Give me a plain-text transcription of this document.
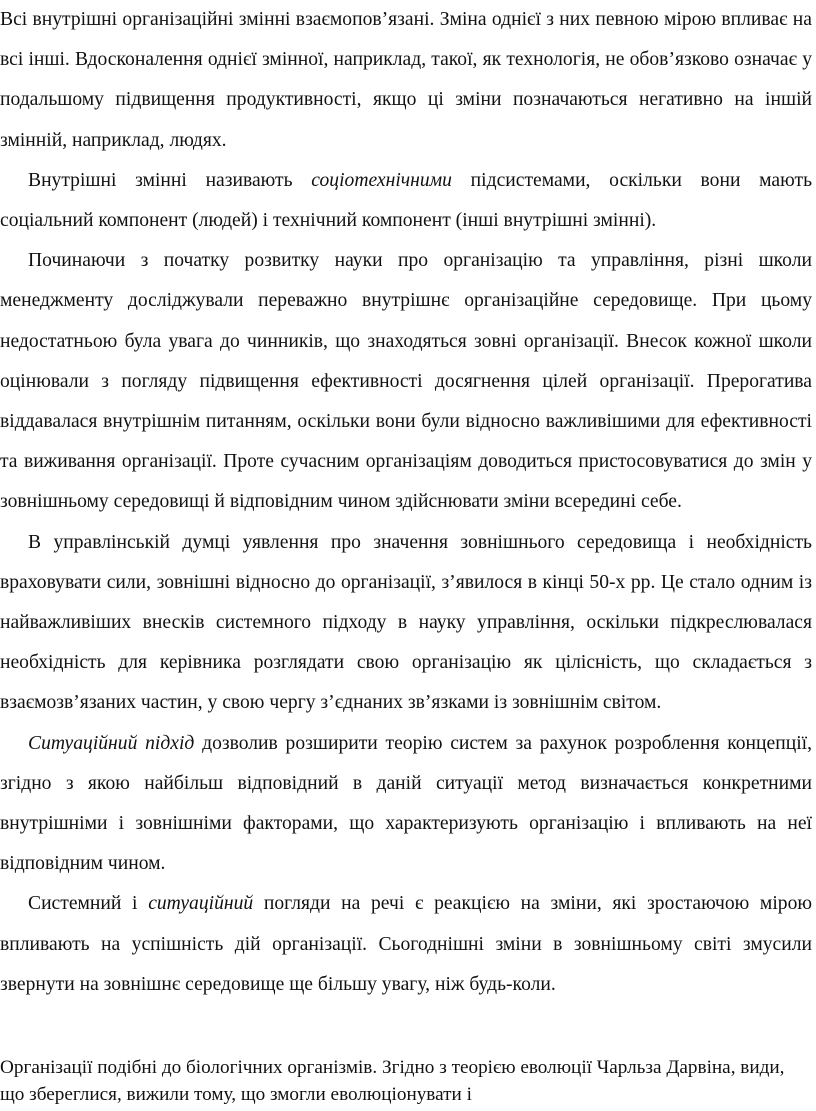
Всі внутрішні організаційні змінні взаємопов’язані. Зміна однієї з них певною мірою впливає на всі інші. Вдосконалення однієї змінної, наприклад, такої, як технологія, не обов’язково означає у подальшому підвищення продуктивності, якщо ці зміни позначаються негативно на іншій змінній, наприклад, людях.

Внутрішні змінні називають соціотехнічними підсистемами, оскільки вони мають соціальний компонент (людей) і технічний компонент (інші внутрішні змінні).

Починаючи з початку розвитку науки про організацію та управління, різні школи менеджменту досліджували переважно внутрішнє організаційне середовище. При цьому недостатньою була увага до чинників, що знаходяться зовні організації. Внесок кожної школи оцінювали з погляду підвищення ефективності досягнення цілей організації. Прерогатива віддавалася внутрішнім питанням, оскільки вони були відносно важливішими для ефективності та виживання організації. Проте сучасним організаціям доводиться пристосовуватися до змін у зовнішньому середовищі й відповідним чином здійснювати зміни всередині себе.

В управлінській думці уявлення про значення зовнішнього середовища і необхідність враховувати сили, зовнішні відносно до організації, з’явилося в кінці 50-х рр. Це стало одним із найважливіших внесків системного підходу в науку управління, оскільки підкреслювалася необхідність для керівника розглядати свою організацію як цілісність, що складається з взаємозв’язаних частин, у свою чергу з’єднаних зв’язками із зовнішнім світом.

Ситуаційний підхід дозволив розширити теорію систем за рахунок розроблення концепції, згідно з якою найбільш відповідний в даній ситуації метод визначається конкретними внутрішніми і зовнішніми факторами, що характеризують організацію і впливають на неї відповідним чином.

Системний і ситуаційний погляди на речі є реакцією на зміни, які зростаючою мірою впливають на успішність дій організації. Сьогоднішні зміни в зовнішньому світі змусили звернути на зовнішнє середовище ще більшу увагу, ніж будь-коли.

Організації подібні до біологічних організмів. Згідно з теорією еволюції Чарльза Дарвіна, види, що збереглися, вижили тому, що змогли еволюціонувати і
